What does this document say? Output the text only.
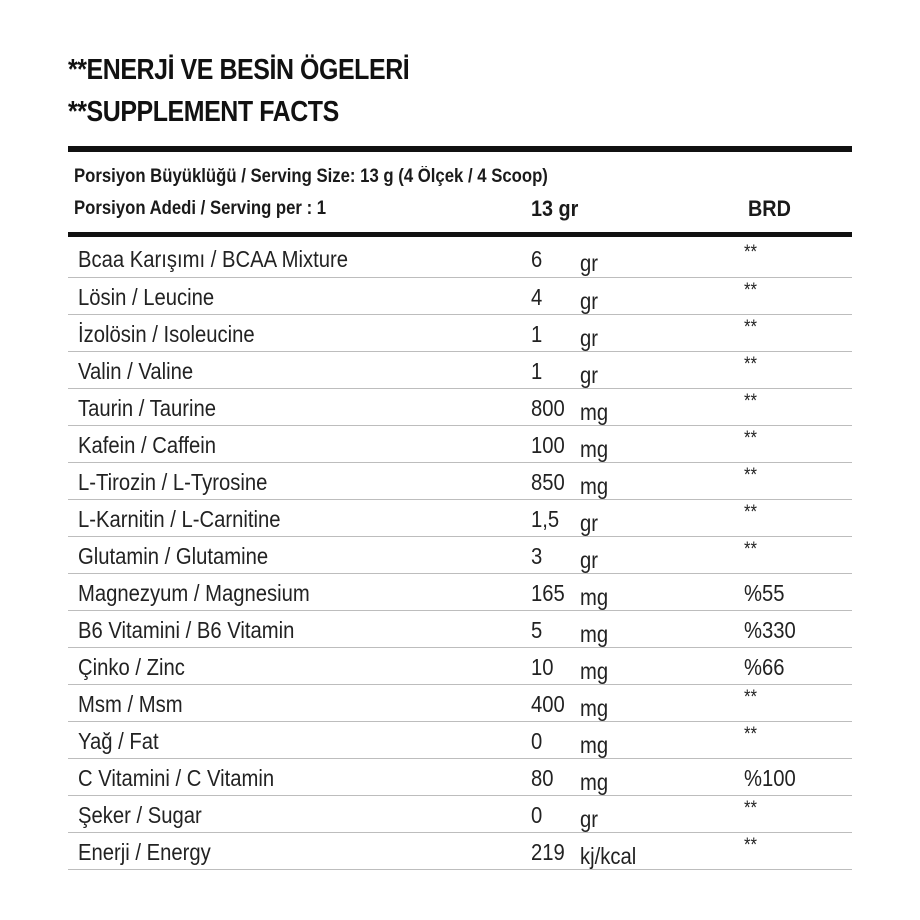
**ENERJİ VE BESİN ÖGELERİ
**SUPPLEMENT FACTS
Porsiyon Büyüklüğü / Serving Size: 13 g (4 Ölçek / 4 Scoop)
Porsiyon Adedi / Serving per : 1	13 gr	BRD
Bcaa Karışımı / BCAA Mixture	6 gr	**
Lösin / Leucine	4 gr	**
İzolösin / Isoleucine	1 gr	**
Valin / Valine	1 gr	**
Taurin / Taurine	800 mg	**
Kafein / Caffein	100 mg	**
L-Tirozin / L-Tyrosine	850 mg	**
L-Karnitin / L-Carnitine	1,5 gr	**
Glutamin / Glutamine	3 gr	**
Magnezyum / Magnesium	165 mg	%55
B6 Vitamini / B6 Vitamin	5 mg	%330
Çinko / Zinc	10 mg	%66
Msm / Msm	400 mg	**
Yağ / Fat	0 mg	**
C Vitamini / C Vitamin	80 mg	%100
Şeker / Sugar	0 gr	**
Enerji / Energy	219 kj/kcal	**
